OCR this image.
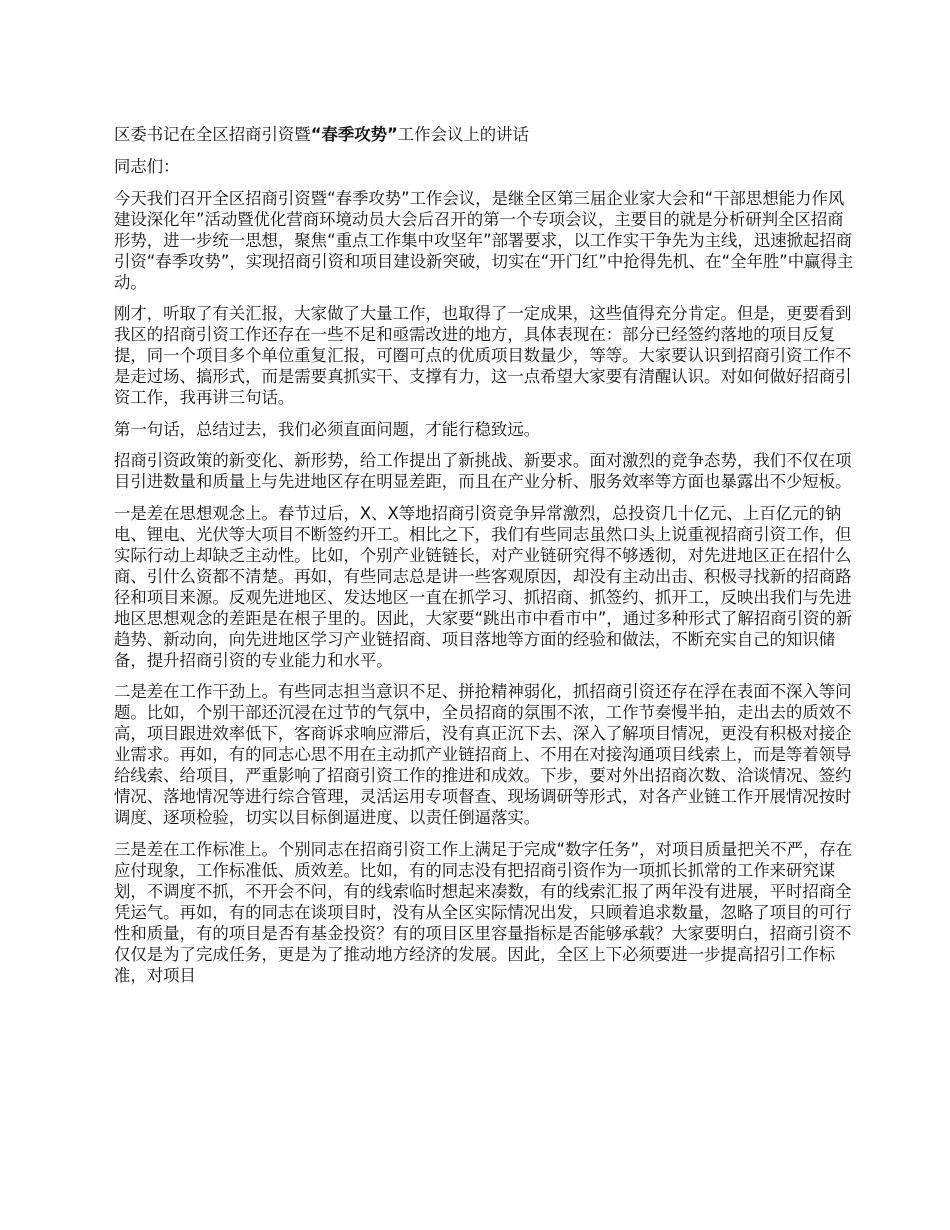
区委书记在全区招商引资暨“春季攻势”工作会议上的讲话

同志们：

今天我们召开全区招商引资暨“春季攻势”工作会议，是继全区第三届企业家大会和“干部思想能力作风建设深化年”活动暨优化营商环境动员大会后召开的第一个专项会议，主要目的就是分析研判全区招商形势，进一步统一思想，聚焦“重点工作集中攻坚年”部署要求，以工作实干争先为主线，迅速掀起招商引资“春季攻势”，实现招商引资和项目建设新突破，切实在“开门红”中抢得先机、在“全年胜”中赢得主动。

刚才，听取了有关汇报，大家做了大量工作，也取得了一定成果，这些值得充分肯定。但是，更要看到我区的招商引资工作还存在一些不足和亟需改进的地方，具体表现在：部分已经签约落地的项目反复提，同一个项目多个单位重复汇报，可圈可点的优质项目数量少，等等。大家要认识到招商引资工作不是走过场、搞形式，而是需要真抓实干、支撑有力，这一点希望大家要有清醒认识。对如何做好招商引资工作，我再讲三句话。

第一句话，总结过去，我们必须直面问题，才能行稳致远。

招商引资政策的新变化、新形势，给工作提出了新挑战、新要求。面对激烈的竞争态势，我们不仅在项目引进数量和质量上与先进地区存在明显差距，而且在产业分析、服务效率等方面也暴露出不少短板。

一是差在思想观念上。春节过后，X、X等地招商引资竞争异常激烈，总投资几十亿元、上百亿元的钠电、锂电、光伏等大项目不断签约开工。相比之下，我们有些同志虽然口头上说重视招商引资工作，但实际行动上却缺乏主动性。比如，个别产业链链长，对产业链研究得不够透彻，对先进地区正在招什么商、引什么资都不清楚。再如，有些同志总是讲一些客观原因，却没有主动出击、积极寻找新的招商路径和项目来源。反观先进地区、发达地区一直在抓学习、抓招商、抓签约、抓开工，反映出我们与先进地区思想观念的差距是在根子里的。因此，大家要“跳出市中看市中”，通过多种形式了解招商引资的新趋势、新动向，向先进地区学习产业链招商、项目落地等方面的经验和做法，不断充实自己的知识储备，提升招商引资的专业能力和水平。

二是差在工作干劲上。有些同志担当意识不足、拼抢精神弱化，抓招商引资还存在浮在表面不深入等问题。比如，个别干部还沉浸在过节的气氛中，全员招商的氛围不浓，工作节奏慢半拍，走出去的质效不高，项目跟进效率低下，客商诉求响应滞后，没有真正沉下去、深入了解项目情况，更没有积极对接企业需求。再如，有的同志心思不用在主动抓产业链招商上、不用在对接沟通项目线索上，而是等着领导给线索、给项目，严重影响了招商引资工作的推进和成效。下步，要对外出招商次数、洽谈情况、签约情况、落地情况等进行综合管理，灵活运用专项督查、现场调研等形式，对各产业链工作开展情况按时调度、逐项检验，切实以目标倒逼进度、以责任倒逼落实。

三是差在工作标准上。个别同志在招商引资工作上满足于完成“数字任务”，对项目质量把关不严，存在应付现象，工作标准低、质效差。比如，有的同志没有把招商引资作为一项抓长抓常的工作来研究谋划，不调度不抓，不开会不问，有的线索临时想起来凑数，有的线索汇报了两年没有进展，平时招商全凭运气。再如，有的同志在谈项目时，没有从全区实际情况出发，只顾着追求数量，忽略了项目的可行性和质量，有的项目是否有基金投资？有的项目区里容量指标是否能够承载？大家要明白，招商引资不仅仅是为了完成任务，更是为了推动地方经济的发展。因此，全区上下必须要进一步提高招引工作标准，对项目
